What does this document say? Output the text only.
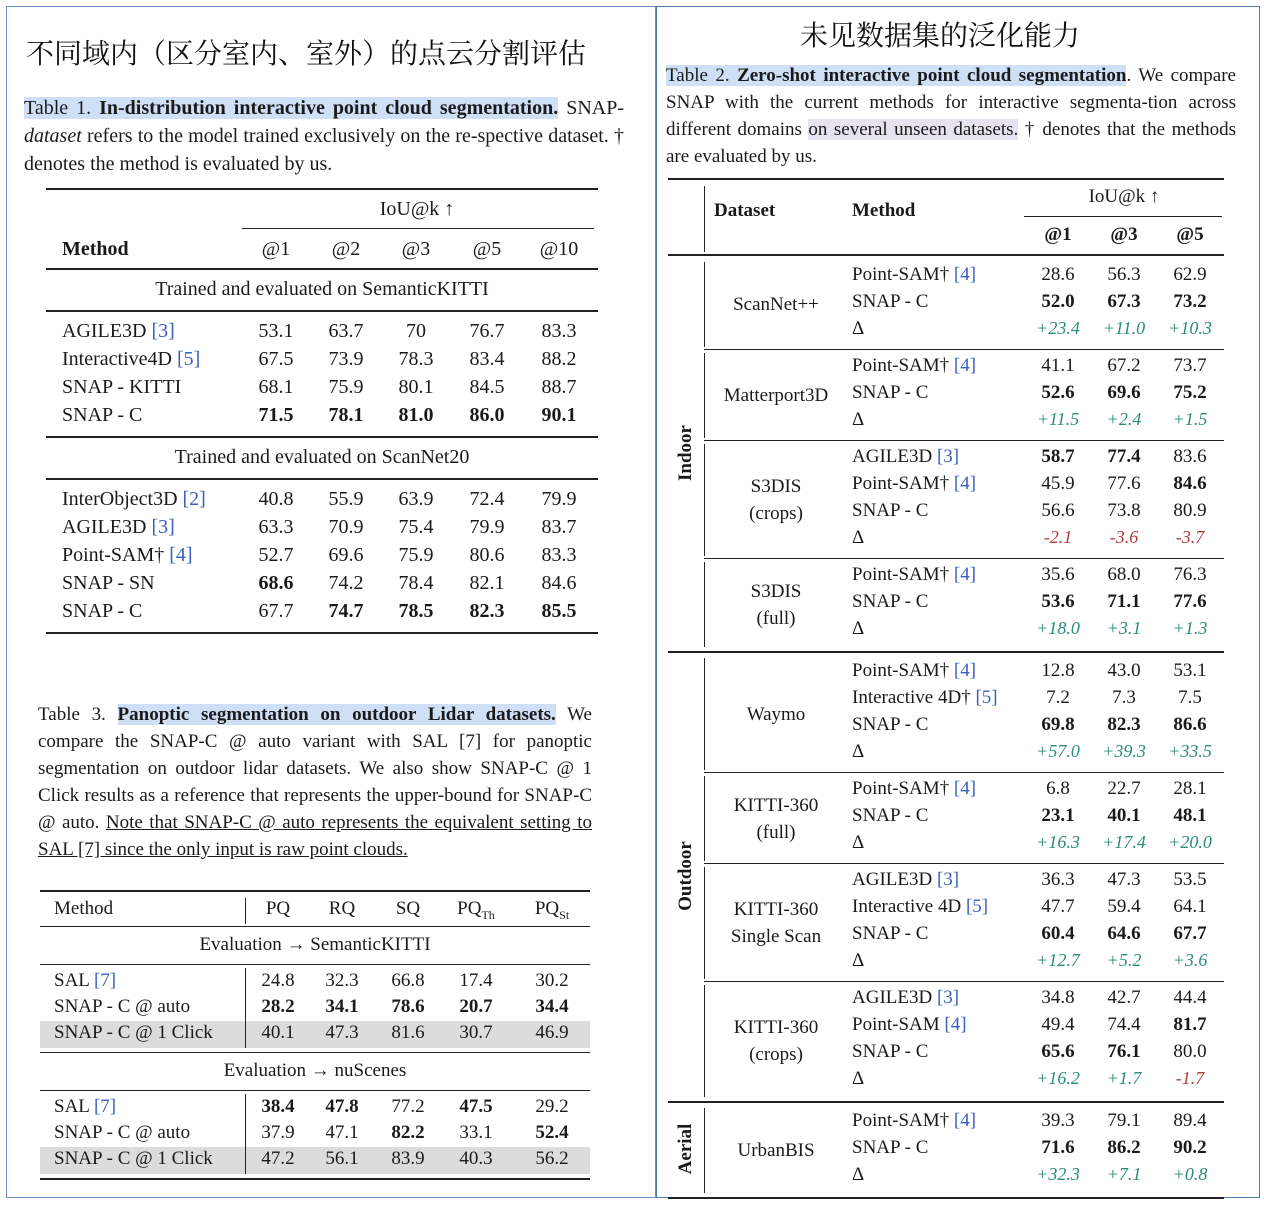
不同域内（区分室内、室外）的点云分割评估
未见数据集的泛化能力
Table 1. In-distribution interactive point cloud segmentation. SNAP-dataset refers to the model trained exclusively on the re-spective dataset. † denotes the method is evaluated by us.
IoU@k ↑
Method	@1	@2	@3	@5	@10
Trained and evaluated on SemanticKITTI
AGILE3D [3]	53.1	63.7	70	76.7	83.3
Interactive4D [5]	67.5	73.9	78.3	83.4	88.2
SNAP - KITTI	68.1	75.9	80.1	84.5	88.7
SNAP - C	71.5	78.1	81.0	86.0	90.1
Trained and evaluated on ScanNet20
InterObject3D [2]	40.8	55.9	63.9	72.4	79.9
AGILE3D [3]	63.3	70.9	75.4	79.9	83.7
Point-SAM† [4]	52.7	69.6	75.9	80.6	83.3
SNAP - SN	68.6	74.2	78.4	82.1	84.6
SNAP - C	67.7	74.7	78.5	82.3	85.5
Table 3. Panoptic segmentation on outdoor Lidar datasets. We compare the SNAP-C @ auto variant with SAL [7] for panoptic segmentation on outdoor lidar datasets. We also show SNAP-C @ 1 Click results as a reference that represents the upper-bound for SNAP-C @ auto. Note that SNAP-C @ auto represents the equivalent setting to SAL [7] since the only input is raw point clouds.
Method	PQ	RQ	SQ	$PQ_{Th}$	$PQ_{St}$
Evaluation → SemanticKITTI
SAL [7]	24.8	32.3	66.8	17.4	30.2
SNAP - C @ auto	28.2	34.1	78.6	20.7	34.4
SNAP - C @ 1 Click	40.1	47.3	81.6	30.7	46.9
Evaluation → nuScenes
SAL [7]	38.4	47.8	77.2	47.5	29.2
SNAP - C @ auto	37.9	47.1	82.2	33.1	52.4
SNAP - C @ 1 Click	47.2	56.1	83.9	40.3	56.2
Table 2. Zero-shot interactive point cloud segmentation. We compare SNAP with the current methods for interactive segmenta-tion across different domains on several unseen datasets. † denotes that the methods are evaluated by us.
Dataset	Method
IoU@k ↑
@1	@3	@5
Point-SAM† [4]	28.6	56.3	62.9
SNAP - C	52.0	67.3	73.2
Δ	+23.4	+11.0	+10.3
ScanNet++
Point-SAM† [4]	41.1	67.2	73.7
SNAP - C	52.6	69.6	75.2
Δ	+11.5	+2.4	+1.5
Matterport3D
AGILE3D [3]	58.7	77.4	83.6
Point-SAM† [4]	45.9	77.6	84.6
SNAP - C	56.6	73.8	80.9
Δ	-2.1	-3.6	-3.7
S3DIS
(crops)
Point-SAM† [4]	35.6	68.0	76.3
SNAP - C	53.6	71.1	77.6
Δ	+18.0	+3.1	+1.3
S3DIS
(full)
Indoor
Point-SAM† [4]	12.8	43.0	53.1
Interactive 4D† [5]	7.2	7.3	7.5
SNAP - C	69.8	82.3	86.6
Δ	+57.0	+39.3	+33.5
Waymo
Point-SAM† [4]	6.8	22.7	28.1
SNAP - C	23.1	40.1	48.1
Δ	+16.3	+17.4	+20.0
KITTI-360
(full)
AGILE3D [3]	36.3	47.3	53.5
Interactive 4D [5]	47.7	59.4	64.1
SNAP - C	60.4	64.6	67.7
Δ	+12.7	+5.2	+3.6
KITTI-360
Single Scan
AGILE3D [3]	34.8	42.7	44.4
Point-SAM [4]	49.4	74.4	81.7
SNAP - C	65.6	76.1	80.0
Δ	+16.2	+1.7	-1.7
KITTI-360
(crops)
Outdoor
Point-SAM† [4]	39.3	79.1	89.4
SNAP - C	71.6	86.2	90.2
Δ	+32.3	+7.1	+0.8
UrbanBIS
Aerial
